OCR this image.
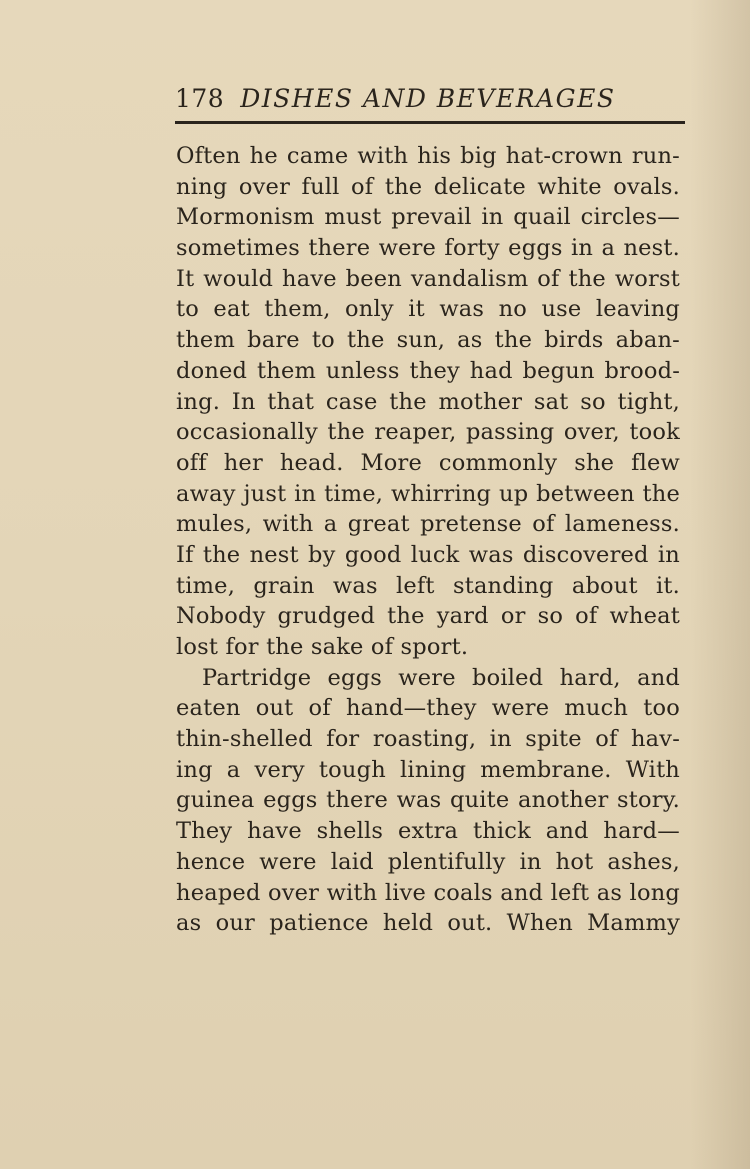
178 DISHES AND BEVERAGES
Often he came with his big hat-crown run-
ning over full of the delicate white ovals.
Mormonism must prevail in quail circles—
sometimes there were forty eggs in a nest.
It would have been vandalism of the worst
to eat them, only it was no use leaving
them bare to the sun, as the birds aban-
doned them unless they had begun brood-
ing. In that case the mother sat so tight,
occasionally the reaper, passing over, took
off her head. More commonly she flew
away just in time, whirring up between the
mules, with a great pretense of lameness.
If the nest by good luck was discovered in
time, grain was left standing about it.
Nobody grudged the yard or so of wheat
lost for the sake of sport.
Partridge eggs were boiled hard, and
eaten out of hand—they were much too
thin-shelled for roasting, in spite of hav-
ing a very tough lining membrane. With
guinea eggs there was quite another story.
They have shells extra thick and hard—
hence were laid plentifully in hot ashes,
heaped over with live coals and left as long
as our patience held out. When Mammy
